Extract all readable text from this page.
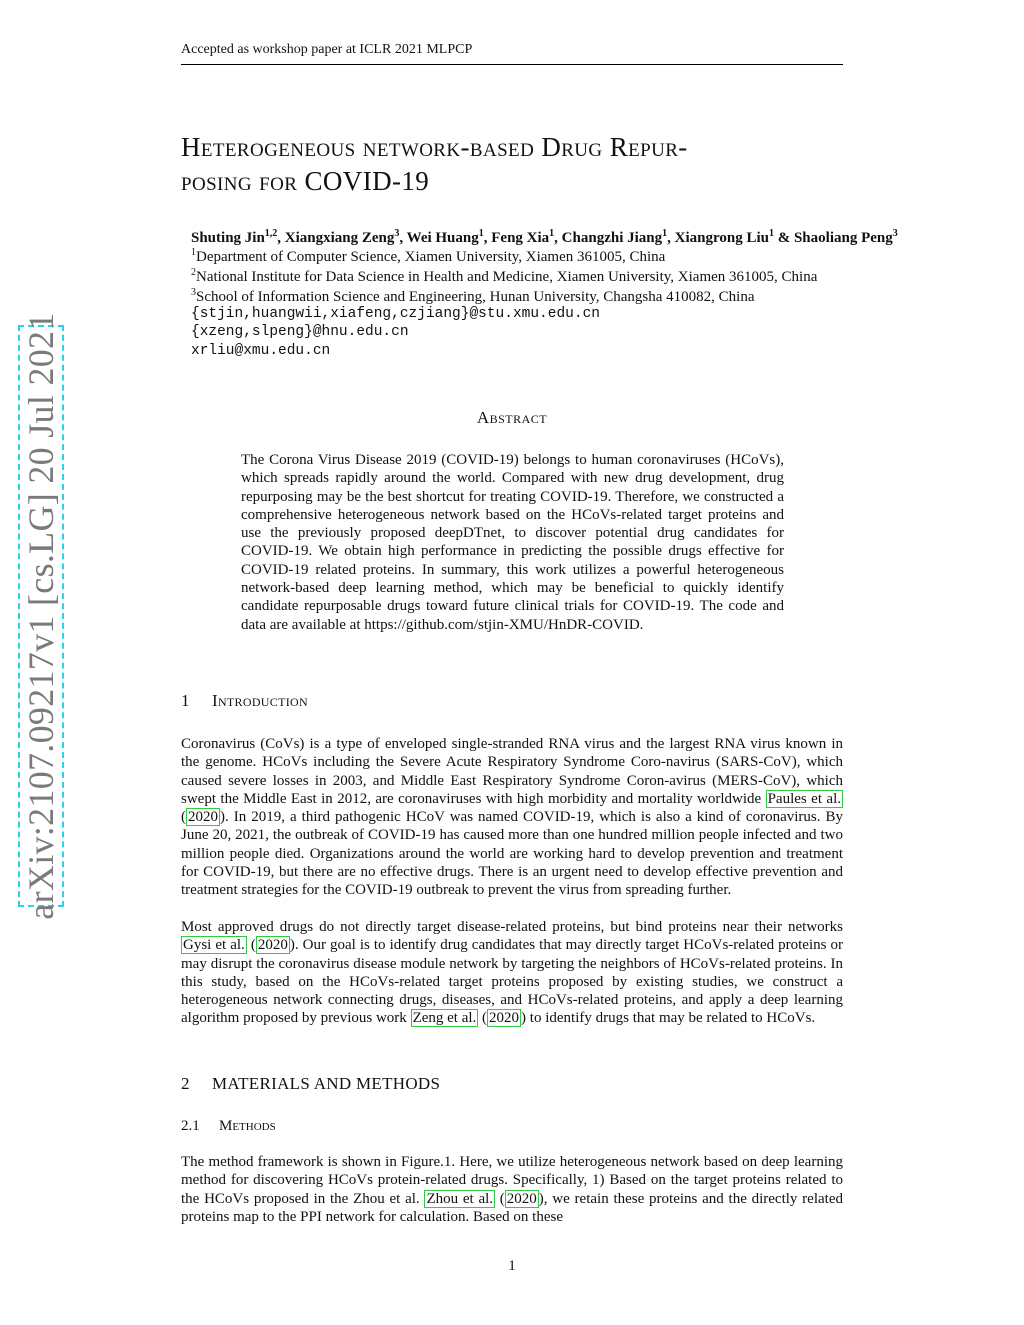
Accepted as workshop paper at ICLR 2021 MLPCP
Heterogeneous network-based Drug Repur-
posing for COVID-19
Shuting Jin$^{1,2}$, Xiangxiang Zeng$^3$, Wei Huang$^1$, Feng Xia$^1$, Changzhi Jiang$^1$, Xiangrong Liu$^1$ & Shaoliang Peng$^3$
$^1$Department of Computer Science, Xiamen University, Xiamen 361005, China
$^2$National Institute for Data Science in Health and Medicine, Xiamen University, Xiamen 361005, China
$^3$School of Information Science and Engineering, Hunan University, Changsha 410082, China
{stjin,huangwii,xiafeng,czjiang}@stu.xmu.edu.cn
{xzeng,slpeng}@hnu.edu.cn
xrliu@xmu.edu.cn
Abstract
The Corona Virus Disease 2019 (COVID-19) belongs to human coronaviruses (HCoVs), which spreads rapidly around the world. Compared with new drug development, drug repurposing may be the best shortcut for treating COVID-19. Therefore, we constructed a comprehensive heterogeneous network based on the HCoVs-related target proteins and use the previously proposed deepDTnet, to discover potential drug candidates for COVID-19. We obtain high performance in predicting the possible drugs effective for COVID-19 related proteins. In summary, this work utilizes a powerful heterogeneous network-based deep learning method, which may be beneficial to quickly identify candidate repurposable drugs toward future clinical trials for COVID-19. The code and data are available at https://github.com/stjin-XMU/HnDR-COVID.
1 Introduction
Coronavirus (CoVs) is a type of enveloped single-stranded RNA virus and the largest RNA virus known in the genome. HCoVs including the Severe Acute Respiratory Syndrome Coro-navirus (SARS-CoV), which caused severe losses in 2003, and Middle East Respiratory Syndrome Coron-avirus (MERS-CoV), which swept the Middle East in 2012, are coronaviruses with high morbidity and mortality worldwide Paules et al. ( 2020 ). In 2019, a third pathogenic HCoV was named COVID-19, which is also a kind of coronavirus. By June 20, 2021, the outbreak of COVID-19 has caused more than one hundred million people infected and two million people died. Organizations around the world are working hard to develop prevention and treatment for COVID-19, but there are no effective drugs. There is an urgent need to develop effective prevention and treatment strategies for the COVID-19 outbreak to prevent the virus from spreading further.
Most approved drugs do not directly target disease-related proteins, but bind proteins near their networks Gysi et al. ( 2020 ). Our goal is to identify drug candidates that may directly target HCoVs-related proteins or may disrupt the coronavirus disease module network by targeting the neighbors of HCoVs-related proteins. In this study, based on the HCoVs-related target proteins proposed by existing studies, we construct a heterogeneous network connecting drugs, diseases, and HCoVs-related proteins, and apply a deep learning algorithm proposed by previous work Zeng et al. ( 2020 ) to identify drugs that may be related to HCoVs.
2 MATERIALS AND METHODS
2.1 Methods
The method framework is shown in Figure.1. Here, we utilize heterogeneous network based on deep learning method for discovering HCoVs protein-related drugs. Specifically, 1) Based on the target proteins related to the HCoVs proposed in the Zhou et al. Zhou et al. ( 2020 ), we retain these proteins and the directly related proteins map to the PPI network for calculation. Based on these
1
arXiv:2107.09217v1 [cs.LG] 20 Jul 2021
